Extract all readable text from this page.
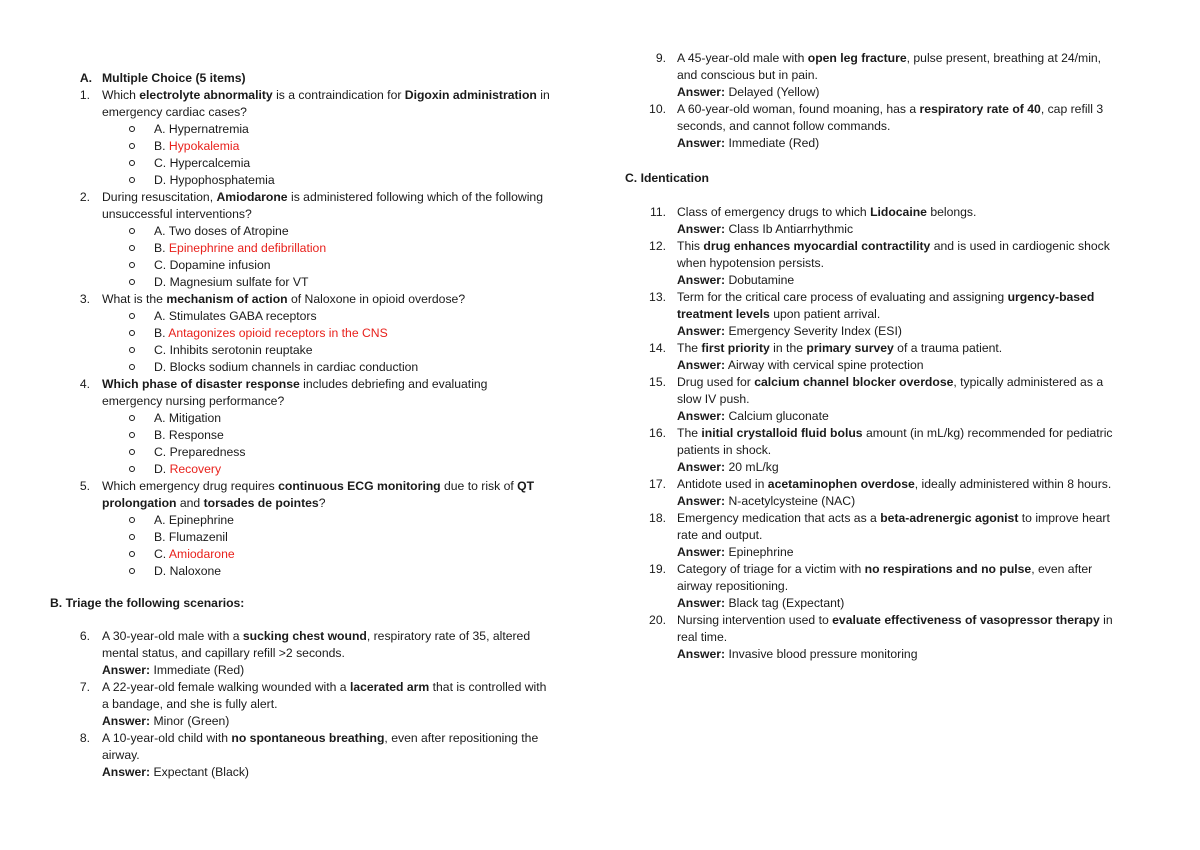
A. Multiple Choice (5 items)
1. Which electrolyte abnormality is a contraindication for Digoxin administration in
emergency cardiac cases?
A. Hypernatremia
B. Hypokalemia
C. Hypercalcemia
D. Hypophosphatemia
2. During resuscitation, Amiodarone is administered following which of the following
unsuccessful interventions?
A. Two doses of Atropine
B. Epinephrine and defibrillation
C. Dopamine infusion
D. Magnesium sulfate for VT
3. What is the mechanism of action of Naloxone in opioid overdose?
A. Stimulates GABA receptors
B. Antagonizes opioid receptors in the CNS
C. Inhibits serotonin reuptake
D. Blocks sodium channels in cardiac conduction
4. Which phase of disaster response includes debriefing and evaluating
emergency nursing performance?
A. Mitigation
B. Response
C. Preparedness
D. Recovery
5. Which emergency drug requires continuous ECG monitoring due to risk of QT
prolongation and torsades de pointes?
A. Epinephrine
B. Flumazenil
C. Amiodarone
D. Naloxone
B. Triage the following scenarios:
6. A 30-year-old male with a sucking chest wound, respiratory rate of 35, altered
mental status, and capillary refill >2 seconds.
Answer: Immediate (Red)
7. A 22-year-old female walking wounded with a lacerated arm that is controlled with
a bandage, and she is fully alert.
Answer: Minor (Green)
8. A 10-year-old child with no spontaneous breathing, even after repositioning the
airway.
Answer: Expectant (Black)
9. A 45-year-old male with open leg fracture, pulse present, breathing at 24/min,
and conscious but in pain.
Answer: Delayed (Yellow)
10. A 60-year-old woman, found moaning, has a respiratory rate of 40, cap refill 3
seconds, and cannot follow commands.
Answer: Immediate (Red)
C. Identication
11. Class of emergency drugs to which Lidocaine belongs.
Answer: Class Ib Antiarrhythmic
12. This drug enhances myocardial contractility and is used in cardiogenic shock
when hypotension persists.
Answer: Dobutamine
13. Term for the critical care process of evaluating and assigning urgency-based
treatment levels upon patient arrival.
Answer: Emergency Severity Index (ESI)
14. The first priority in the primary survey of a trauma patient.
Answer: Airway with cervical spine protection
15. Drug used for calcium channel blocker overdose, typically administered as a
slow IV push.
Answer: Calcium gluconate
16. The initial crystalloid fluid bolus amount (in mL/kg) recommended for pediatric
patients in shock.
Answer: 20 mL/kg
17. Antidote used in acetaminophen overdose, ideally administered within 8 hours.
Answer: N-acetylcysteine (NAC)
18. Emergency medication that acts as a beta-adrenergic agonist to improve heart
rate and output.
Answer: Epinephrine
19. Category of triage for a victim with no respirations and no pulse, even after
airway repositioning.
Answer: Black tag (Expectant)
20. Nursing intervention used to evaluate effectiveness of vasopressor therapy in
real time.
Answer: Invasive blood pressure monitoring
